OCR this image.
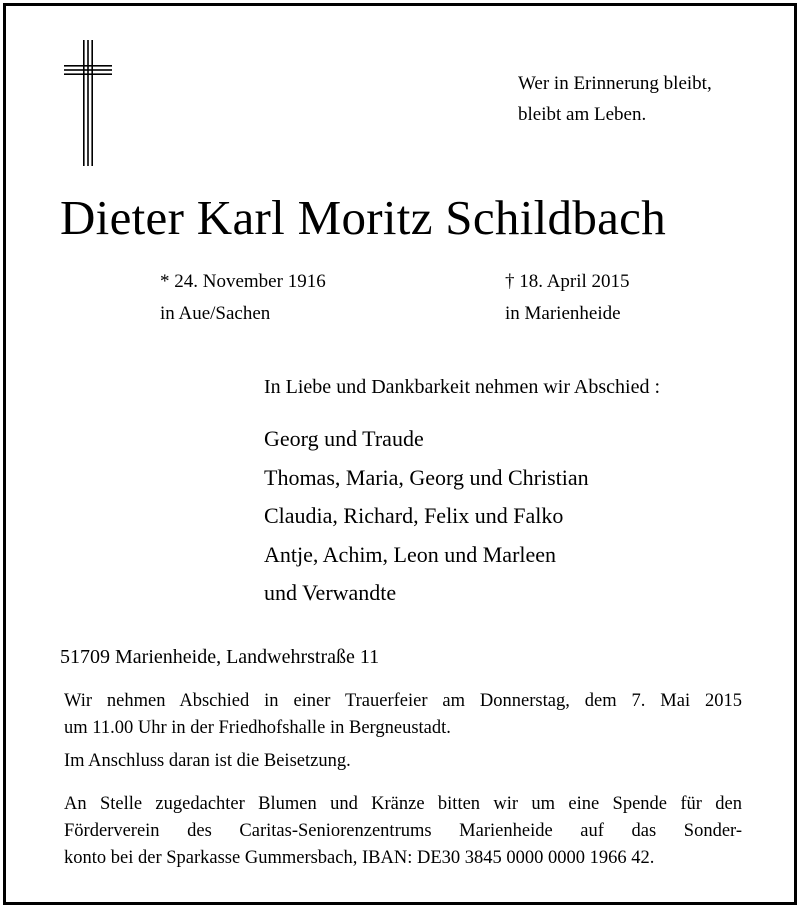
Wer in Erinnerung bleibt,
bleibt am Leben.
Dieter Karl Moritz Schildbach
* 24. November 1916
in Aue/Sachen
† 18. April 2015
in Marienheide
In Liebe und Dankbarkeit nehmen wir Abschied :
Georg und Traude
Thomas, Maria, Georg und Christian
Claudia, Richard, Felix und Falko
Antje, Achim, Leon und Marleen
und Verwandte
51709 Marienheide, Landwehrstraße 11
Wir nehmen Abschied in einer Trauerfeier am Donnerstag, dem 7. Mai 2015
um 11.00 Uhr in der Friedhofshalle in Bergneustadt.
Im Anschluss daran ist die Beisetzung.
An Stelle zugedachter Blumen und Kränze bitten wir um eine Spende für den
Förderverein des Caritas-Seniorenzentrums Marienheide auf das Sonder-
konto bei der Sparkasse Gummersbach, IBAN: DE30 3845 0000 0000 1966 42.
